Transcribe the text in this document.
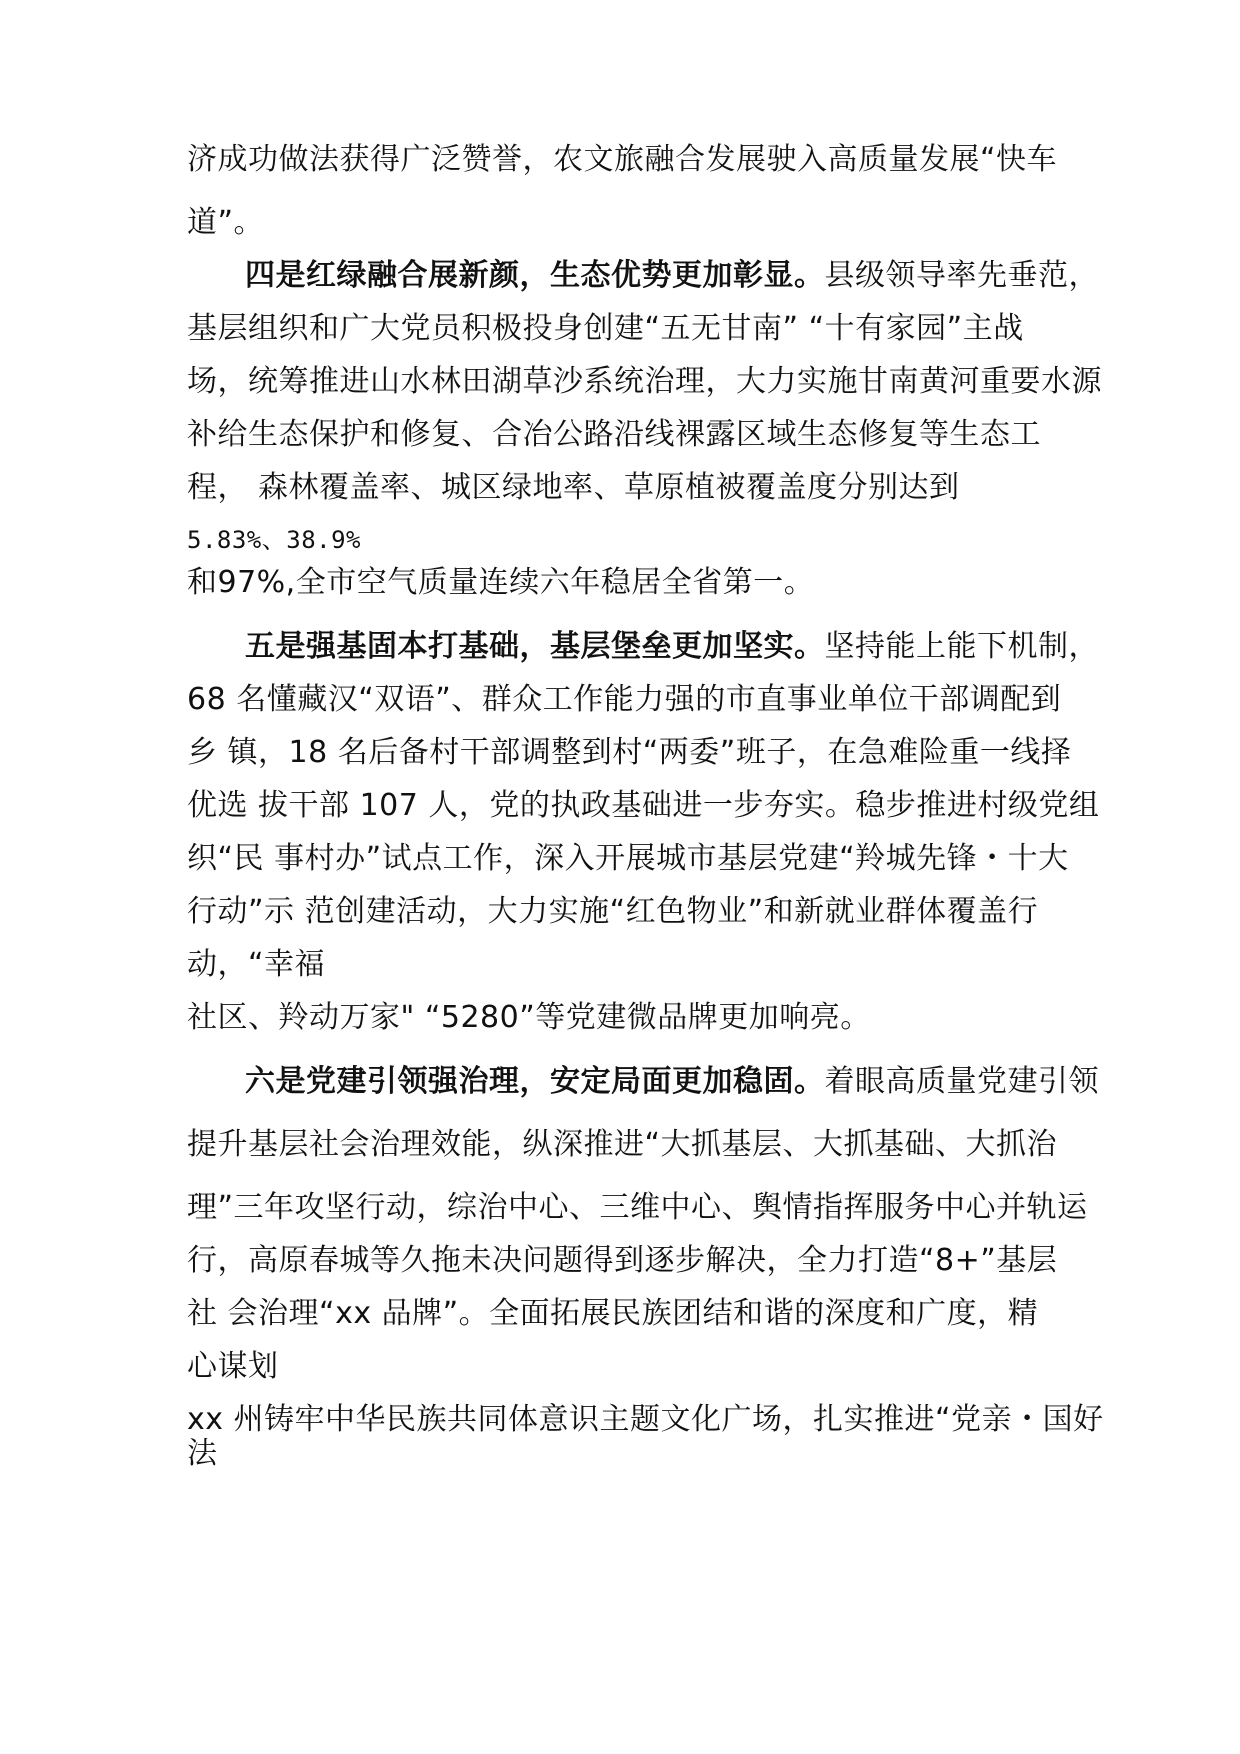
济成功做法获得广泛赞誉，农文旅融合发展驶入高质量发展“快车
道”。
四是红绿融合展新颜，生态优势更加彰显。县级领导率先垂范，
基层组织和广大党员积极投身创建“五无甘南” “十有家园”主战
场，统筹推进山水林田湖草沙系统治理，大力实施甘南黄河重要水源
补给生态保护和修复、合冶公路沿线裸露区域生态修复等生态工
程， 森林覆盖率、城区绿地率、草原植被覆盖度分别达到
5.83%、38.9%
和97%,全市空气质量连续六年稳居全省第一。
五是强基固本打基础，基层堡垒更加坚实。坚持能上能下机制，
68 名懂藏汉“双语”、群众工作能力强的市直事业单位干部调配到
乡 镇，18 名后备村干部调整到村“两委”班子，在急难险重一线择
优选 拔干部 107 人，党的执政基础进一步夯实。稳步推进村级党组
织“民 事村办”试点工作，深入开展城市基层党建“羚城先锋・十大
行动”示 范创建活动，大力实施“红色物业”和新就业群体覆盖行
动，“幸福
社区、羚动万家" “5280”等党建微品牌更加响亮。
六是党建引领强治理，安定局面更加稳固。着眼高质量党建引领
提升基层社会治理效能，纵深推进“大抓基层、大抓基础、大抓治
理”三年攻坚行动，综治中心、三维中心、舆情指挥服务中心并轨运
行，高原春城等久拖未决问题得到逐步解决，全力打造“8+”基层
社 会治理“xx 品牌”。全面拓展民族团结和谐的深度和广度，精
心谋划
xx 州铸牢中华民族共同体意识主题文化广场，扎实推进“党亲・国好
法
